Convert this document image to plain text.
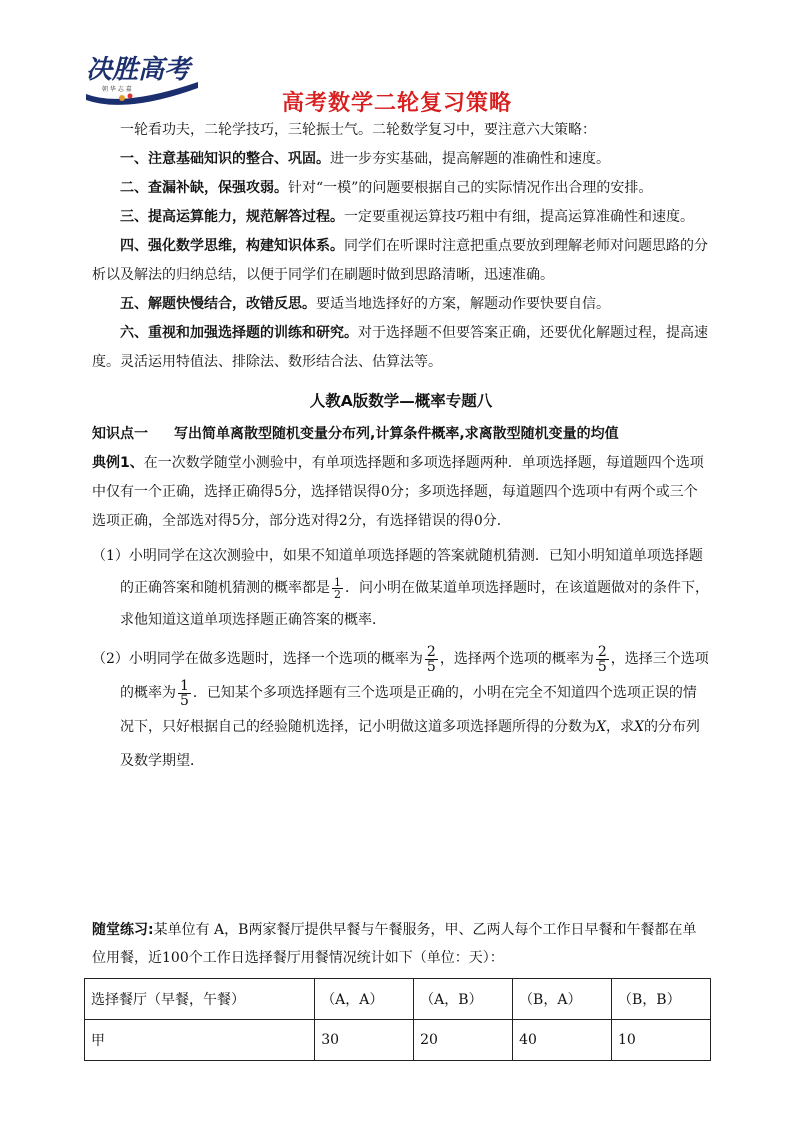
决胜高考
朝 华 志 嘉
高考数学二轮复习策略

一轮看功夫，二轮学技巧，三轮振士气。二轮数学复习中，要注意六大策略：

一、注意基础知识的整合、巩固。进一步夯实基础，提高解题的准确性和速度。

二、查漏补缺，保强攻弱。针对“一模”的问题要根据自己的实际情况作出合理的安排。

三、提高运算能力，规范解答过程。一定要重视运算技巧粗中有细，提高运算准确性和速度。

四、强化数学思维，构建知识体系。同学们在听课时注意把重点要放到理解老师对问题思路的分析以及解法的归纳总结，以便于同学们在刷题时做到思路清晰，迅速准确。

五、解题快慢结合，改错反思。要适当地选择好的方案，解题动作要快要自信。

六、重视和加强选择题的训练和研究。对于选择题不但要答案正确，还要优化解题过程，提高速度。灵活运用特值法、排除法、数形结合法、估算法等。

人教A版数学—概率专题八

知识点一 写出简单离散型随机变量分布列,计算条件概率,求离散型随机变量的均值

典例1、在一次数学随堂小测验中，有单项选择题和多项选择题两种．单项选择题，每道题四个选项中仅有一个正确，选择正确得5分，选择错误得0分；多项选择题，每道题四个选项中有两个或三个选项正确，全部选对得5分，部分选对得2分，有选择错误的得0分．

（1）小明同学在这次测验中，如果不知道单项选择题的答案就随机猜测．已知小明知道单项选择题的正确答案和随机猜测的概率都是 $\frac{1}{2}$ ．问小明在做某道单项选择题时，在该道题做对的条件下，求他知道这道单项选择题正确答案的概率．

（2）小明同学在做多选题时，选择一个选项的概率为 $\frac{2}{5}$ ，选择两个选项的概率为 $\frac{2}{5}$ ，选择三个选项的概率为 $\frac{1}{5}$ ．已知某个多项选择题有三个选项是正确的，小明在完全不知道四个选项正误的情况下，只好根据自己的经验随机选择，记小明做这道多项选择题所得的分数为X，求X的分布列及数学期望．

随堂练习:某单位有 A，B两家餐厅提供早餐与午餐服务，甲、乙两人每个工作日早餐和午餐都在单位用餐，近100个工作日选择餐厅用餐情况统计如下（单位：天）：
选择餐厅（早餐，午餐）	（A，A）	（A，B）	（B，A）	（B，B）
甲	30	20	40	10
